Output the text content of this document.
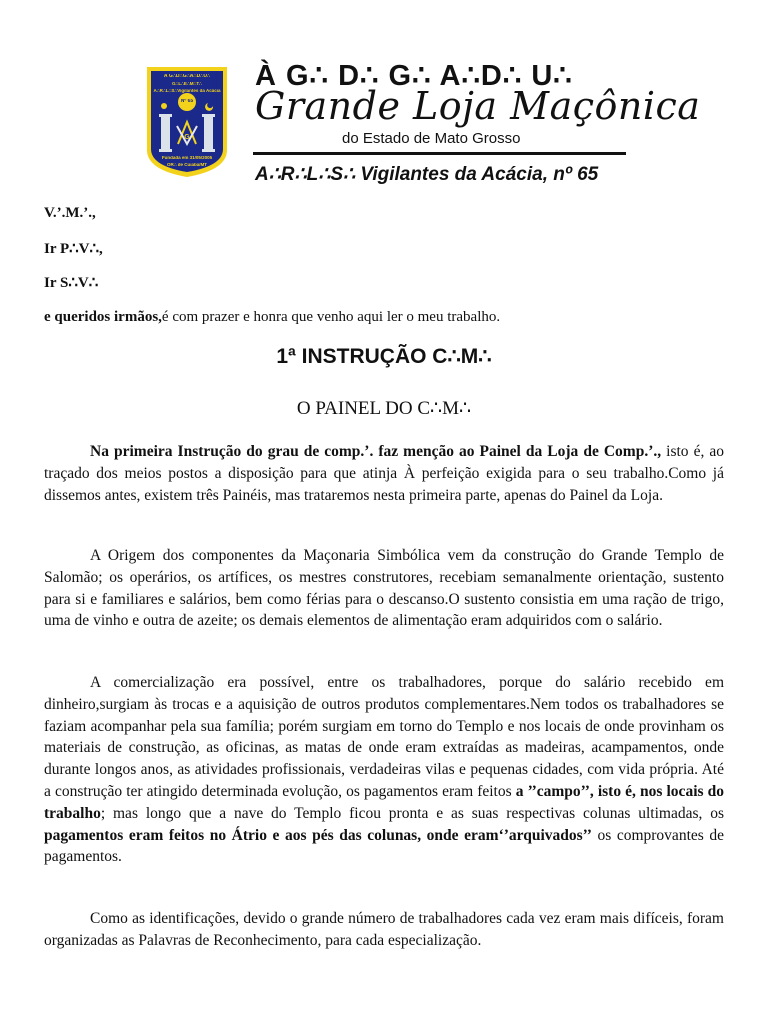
G
À G∴D∴G∴A∴D∴U∴
G∴L∴E∴M∴T∴
A∴R∴L∴S∴Vigilantes da Acácia
Nº 65
Fundada em 31/05/2005
OR∴ de Cuiabá/MT
À G∴ D∴ G∴ A∴D∴ U∴
Grande Loja Maçônica
do Estado de Mato Grosso
A∴R∴L∴S∴ Vigilantes da Acácia, nº 65
V.’.M.’.,
Ir P∴V∴,
Ir S∴V∴
e queridos irmãos,é com prazer e honra que venho aqui ler o meu trabalho.
1ª INSTRUÇÃO C∴M∴
O PAINEL DO C∴M∴

Na primeira Instrução do grau de comp.’. faz menção ao Painel da Loja de Comp.’., isto é, ao traçado dos meios postos a disposição para que atinja À perfeição exigida para o seu trabalho.Como já dissemos antes, existem três Painéis, mas trataremos nesta primeira parte, apenas do Painel da Loja.

A Origem dos componentes da Maçonaria Simbólica vem da construção do Grande Templo de Salomão; os operários, os artífices, os mestres construtores, recebiam semanalmente orientação, sustento para si e familiares e salários, bem como férias para o descanso.O sustento consistia em uma ração de trigo, uma de vinho e outra de azeite; os demais elementos de alimentação eram adquiridos com o salário.

A comercialização era possível, entre os trabalhadores, porque do salário recebido em dinheiro,surgiam às trocas e a aquisição de outros produtos complementares.Nem todos os trabalhadores se faziam acompanhar pela sua família; porém surgiam em torno do Templo e nos locais de onde provinham os materiais de construção, as oficinas, as matas de onde eram extraídas as madeiras, acampamentos, onde durante longos anos, as atividades profissionais, verdadeiras vilas e pequenas cidades, com vida própria. Até a construção ter atingido determinada evolução, os pagamentos eram feitos a ’’campo’’, isto é, nos locais do trabalho; mas longo que a nave do Templo ficou pronta e as suas respectivas colunas ultimadas, os pagamentos eram feitos no Átrio e aos pés das colunas, onde eram‘’arquivados’’ os comprovantes de pagamentos.

Como as identificações, devido o grande número de trabalhadores cada vez eram mais difíceis, foram organizadas as Palavras de Reconhecimento, para cada especialização.
